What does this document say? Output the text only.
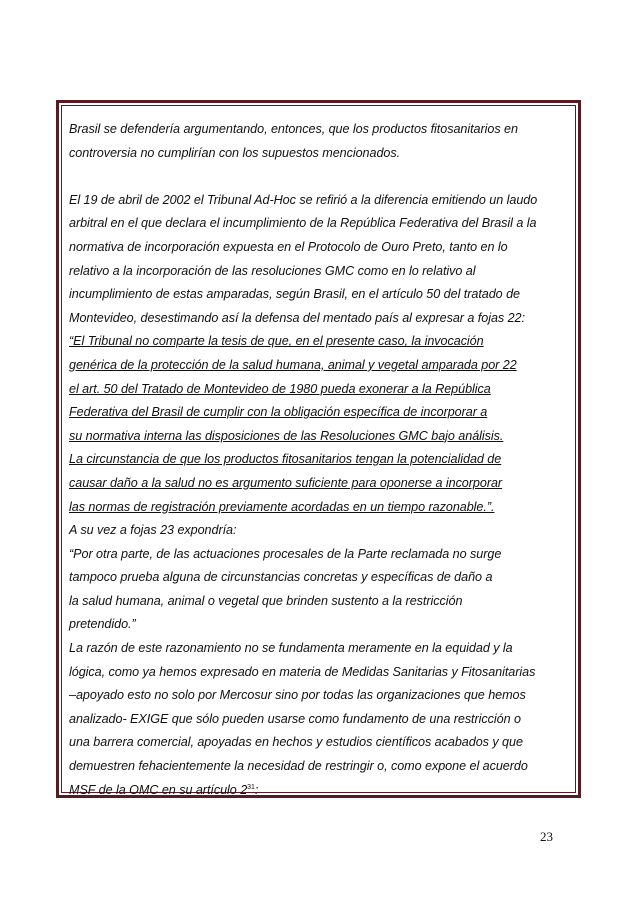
Brasil se defendería argumentando, entonces, que los productos fitosanitarios en
controversia no cumplirían con los supuestos mencionados.
El 19 de abril de 2002 el Tribunal Ad-Hoc se refirió a la diferencia emitiendo un laudo
arbitral en el que declara el incumplimiento de la República Federativa del Brasil a la
normativa de incorporación expuesta en el Protocolo de Ouro Preto, tanto en lo
relativo a la incorporación de las resoluciones GMC como en lo relativo al
incumplimiento de estas amparadas, según Brasil, en el artículo 50 del tratado de
Montevideo, desestimando así la defensa del mentado país al expresar a fojas 22:
“El Tribunal no comparte la tesis de que, en el presente caso, la invocación
genérica de la protección de la salud humana, animal y vegetal amparada por 22
el art. 50 del Tratado de Montevideo de 1980 pueda exonerar a la República
Federativa del Brasil de cumplir con la obligación específica de incorporar a
su normativa interna las disposiciones de las Resoluciones GMC bajo análisis.
La circunstancia de que los productos fitosanitarios tengan la potencialidad de
causar daño a la salud no es argumento suficiente para oponerse a incorporar
las normas de registración previamente acordadas en un tiempo razonable.”.
A su vez a fojas 23 expondría:
“Por otra parte, de las actuaciones procesales de la Parte reclamada no surge
tampoco prueba alguna de circunstancias concretas y específicas de daño a
la salud humana, animal o vegetal que brinden sustento a la restricción
pretendido.”
La razón de este razonamiento no se fundamenta meramente en la equidad y la
lógica, como ya hemos expresado en materia de Medidas Sanitarias y Fitosanitarias
–apoyado esto no solo por Mercosur sino por todas las organizaciones que hemos
analizado- EXIGE que sólo pueden usarse como fundamento de una restricción o
una barrera comercial, apoyadas en hechos y estudios científicos acabados y que
demuestren fehacientemente la necesidad de restringir o, como expone el acuerdo
MSF de la OMC en su artículo 2$^{31}$:
23
